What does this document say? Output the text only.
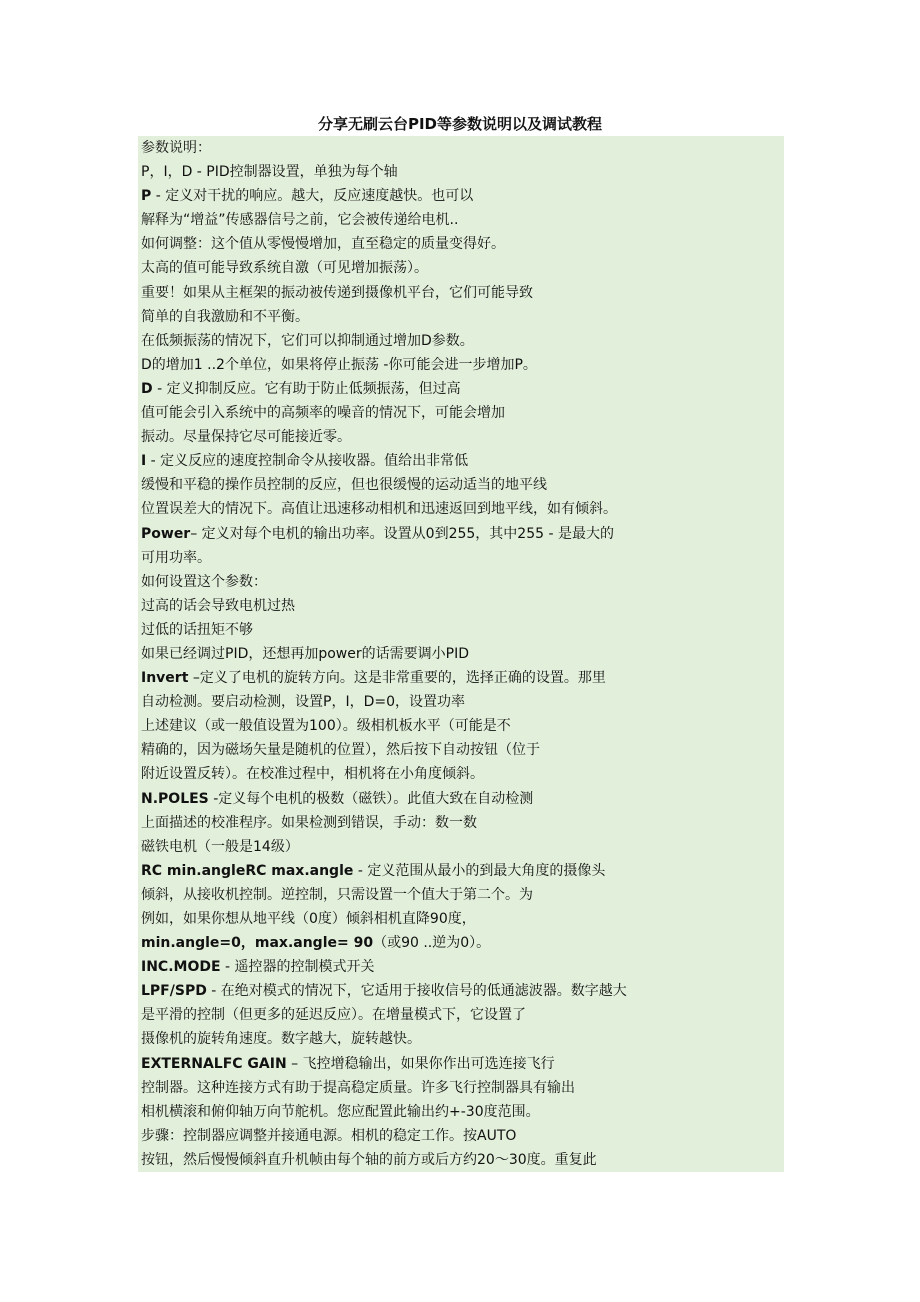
分享无刷云台PID等参数说明以及调试教程
参数说明：
P，I，D - PID控制器设置，单独为每个轴
P - 定义对干扰的响应。越大，反应速度越快。也可以
解释为“增益”传感器信号之前，它会被传递给电机..
如何调整：这个值从零慢慢增加，直至稳定的质量变得好。
太高的值可能导致系统自激（可见增加振荡）。
重要！如果从主框架的振动被传递到摄像机平台，它们可能导致
简单的自我激励和不平衡。
在低频振荡的情况下，它们可以抑制通过增加D参数。
D的增加1 ..2个单位，如果将停止振荡 -你可能会进一步增加P。
D - 定义抑制反应。它有助于防止低频振荡，但过高
值可能会引入系统中的高频率的噪音的情况下，可能会增加
振动。尽量保持它尽可能接近零。
I - 定义反应的速度控制命令从接收器。值给出非常低
缓慢和平稳的操作员控制的反应，但也很缓慢的运动适当的地平线
位置误差大的情况下。高值让迅速移动相机和迅速返回到地平线，如有倾斜。
Power– 定义对每个电机的输出功率。设置从0到255，其中255 - 是最大的
可用功率。
如何设置这个参数：
过高的话会导致电机过热
过低的话扭矩不够
如果已经调过PID，还想再加power的话需要调小PID
Invert –定义了电机的旋转方向。这是非常重要的，选择正确的设置。那里
自动检测。要启动检测，设置P，I，D=0，设置功率
上述建议（或一般值设置为100）。级相机板水平（可能是不
精确的，因为磁场矢量是随机的位置），然后按下自动按钮（位于
附近设置反转）。在校准过程中，相机将在小角度倾斜。
N.POLES -定义每个电机的极数（磁铁）。此值大致在自动检测
上面描述的校准程序。如果检测到错误，手动：数一数
磁铁电机（一般是14级）
RC min.angleRC max.angle - 定义范围从最小的到最大角度的摄像头
倾斜，从接收机控制。逆控制，只需设置一个值大于第二个。为
例如，如果你想从地平线（0度）倾斜相机直降90度，
min.angle=0，max.angle= 90（或90 ..逆为0）。
INC.MODE - 遥控器的控制模式开关
LPF/SPD - 在绝对模式的情况下，它适用于接收信号的低通滤波器。数字越大
是平滑的控制（但更多的延迟反应）。在增量模式下，它设置了
摄像机的旋转角速度。数字越大，旋转越快。
EXTERNALFC GAIN – 飞控增稳输出，如果你作出可选连接飞行
控制器。这种连接方式有助于提高稳定质量。许多飞行控制器具有输出
相机横滚和俯仰轴万向节舵机。您应配置此输出约+-30度范围。
步骤：控制器应调整并接通电源。相机的稳定工作。按AUTO
按钮，然后慢慢倾斜直升机帧由每个轴的前方或后方约20～30度。重复此
